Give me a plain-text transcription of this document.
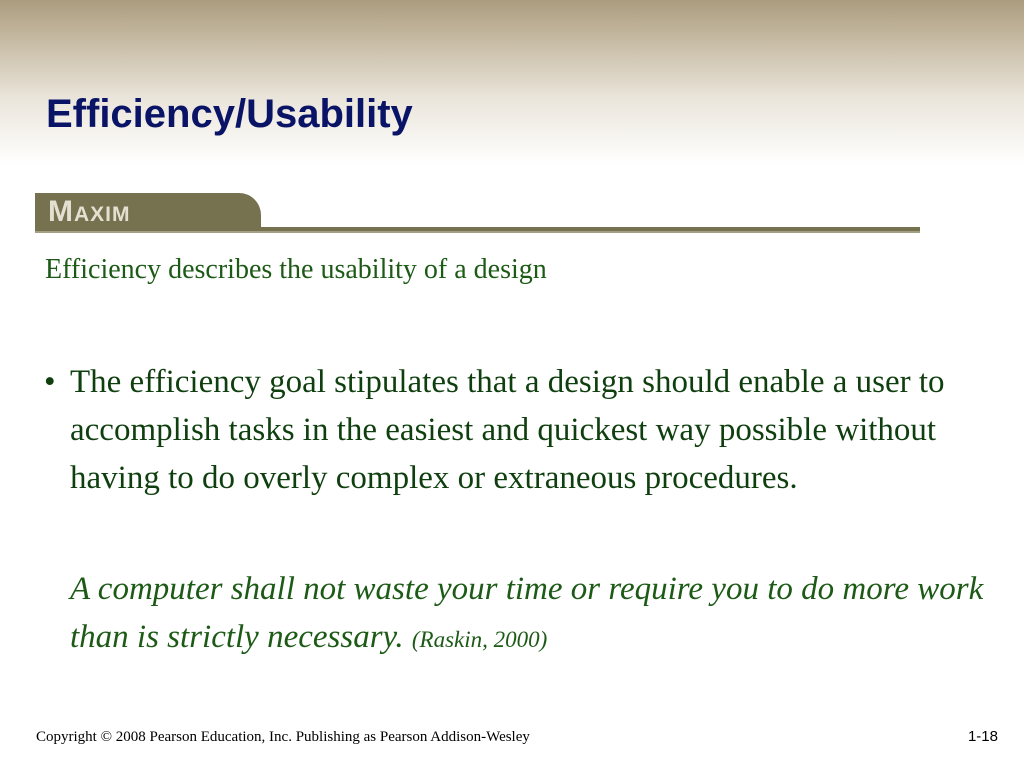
Efficiency/Usability
Maxim

Efficiency describes the usability of a design

• The efficiency goal stipulates that a design should enable a user to accomplish tasks in the easiest and quickest way possible without having to do overly complex or extraneous procedures.

A computer shall not waste your time or require you to do more work than is strictly necessary. (Raskin, 2000)

Copyright © 2008 Pearson Education, Inc. Publishing as Pearson Addison-Wesley	1-18
